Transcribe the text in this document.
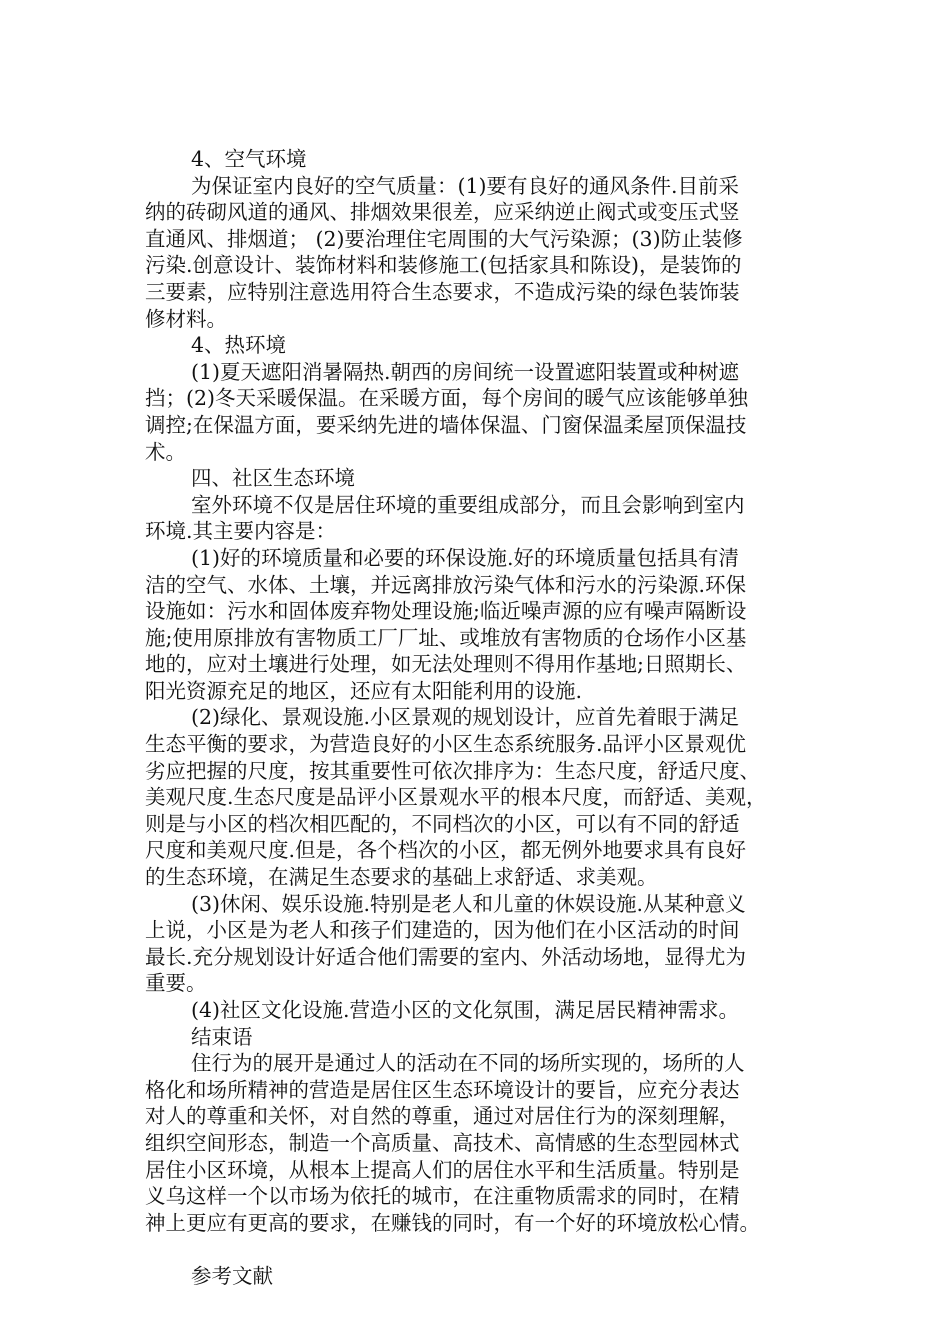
4、空气环境
为保证室内良好的空气质量：(1)要有良好的通风条件.目前采
纳的砖砌风道的通风、排烟效果很差，应采纳逆止阀式或变压式竖
直通风、排烟道； (2)要治理住宅周围的大气污染源；(3)防止装修
污染.创意设计、装饰材料和装修施工(包括家具和陈设)，是装饰的
三要素，应特别注意选用符合生态要求，不造成污染的绿色装饰装
修材料。
4、热环境
(1)夏天遮阳消暑隔热.朝西的房间统一设置遮阳装置或种树遮
挡；(2)冬天采暖保温。在采暖方面，每个房间的暖气应该能够单独
调控;在保温方面，要采纳先进的墙体保温、门窗保温柔屋顶保温技
术。
四、社区生态环境
室外环境不仅是居住环境的重要组成部分，而且会影响到室内
环境.其主要内容是：
(1)好的环境质量和必要的环保设施.好的环境质量包括具有清
洁的空气、水体、土壤，并远离排放污染气体和污水的污染源.环保
设施如：污水和固体废弃物处理设施;临近噪声源的应有噪声隔断设
施;使用原排放有害物质工厂厂址、或堆放有害物质的仓场作小区基
地的，应对土壤进行处理，如无法处理则不得用作基地;日照期长、
阳光资源充足的地区，还应有太阳能利用的设施.
(2)绿化、景观设施.小区景观的规划设计，应首先着眼于满足
生态平衡的要求，为营造良好的小区生态系统服务.品评小区景观优
劣应把握的尺度，按其重要性可依次排序为：生态尺度，舒适尺度、
美观尺度.生态尺度是品评小区景观水平的根本尺度，而舒适、美观，
则是与小区的档次相匹配的，不同档次的小区，可以有不同的舒适
尺度和美观尺度.但是，各个档次的小区，都无例外地要求具有良好
的生态环境，在满足生态要求的基础上求舒适、求美观。
(3)休闲、娱乐设施.特别是老人和儿童的休娱设施.从某种意义
上说，小区是为老人和孩子们建造的，因为他们在小区活动的时间
最长.充分规划设计好适合他们需要的室内、外活动场地，显得尤为
重要。
(4)社区文化设施.营造小区的文化氛围，满足居民精神需求。
结束语
住行为的展开是通过人的活动在不同的场所实现的，场所的人
格化和场所精神的营造是居住区生态环境设计的要旨，应充分表达
对人的尊重和关怀，对自然的尊重，通过对居住行为的深刻理解，
组织空间形态，制造一个高质量、高技术、高情感的生态型园林式
居住小区环境，从根本上提高人们的居住水平和生活质量。特别是
义乌这样一个以市场为依托的城市，在注重物质需求的同时，在精
神上更应有更高的要求，在赚钱的同时，有一个好的环境放松心情。
参考文献
